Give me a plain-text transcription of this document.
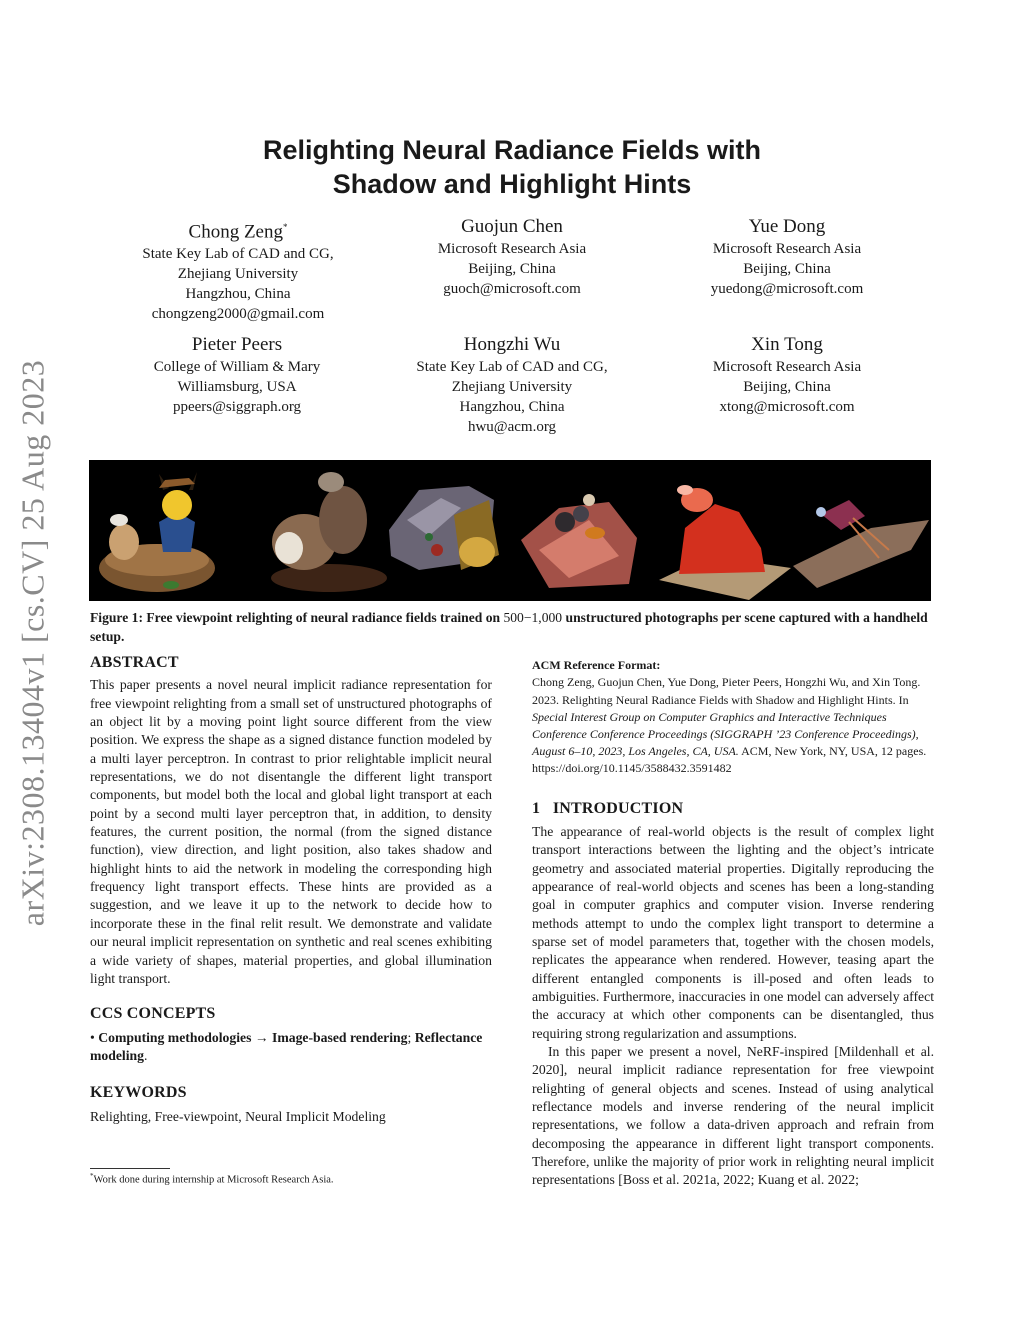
arXiv:2308.13404v1 [cs.CV] 25 Aug 2023
Relighting Neural Radiance Fields with
Shadow and Highlight Hints
Chong Zeng*
State Key Lab of CAD and CG,
Zhejiang University
Hangzhou, China
chongzeng2000@gmail.com
Guojun Chen
Microsoft Research Asia
Beijing, China
guoch@microsoft.com
Yue Dong
Microsoft Research Asia
Beijing, China
yuedong@microsoft.com
Pieter Peers
College of William & Mary
Williamsburg, USA
ppeers@siggraph.org
Hongzhi Wu
State Key Lab of CAD and CG,
Zhejiang University
Hangzhou, China
hwu@acm.org
Xin Tong
Microsoft Research Asia
Beijing, China
xtong@microsoft.com
Figure 1: Free viewpoint relighting of neural radiance fields trained on 500−1,000 unstructured photographs per scene captured with a handheld setup.

ABSTRACT

This paper presents a novel neural implicit radiance representation for free viewpoint relighting from a small set of unstructured photographs of an object lit by a moving point light source different from the view position. We express the shape as a signed distance function modeled by a multi layer perceptron. In contrast to prior relightable implicit neural representations, we do not disentangle the different light transport components, but model both the local and global light transport at each point by a second multi layer perceptron that, in addition, to density features, the current position, the normal (from the signed distance function), view direction, and light position, also takes shadow and highlight hints to aid the network in modeling the corresponding high frequency light transport effects. These hints are provided as a suggestion, and we leave it up to the network to decide how to incorporate these in the final relit result. We demonstrate and validate our neural implicit representation on synthetic and real scenes exhibiting a wide variety of shapes, material properties, and global illumination light transport.

CCS CONCEPTS

• Computing methodologies → Image-based rendering; Reflectance modeling.

KEYWORDS

Relighting, Free-viewpoint, Neural Implicit Modeling

*Work done during internship at Microsoft Research Asia.

ACM Reference Format:

Chong Zeng, Guojun Chen, Yue Dong, Pieter Peers, Hongzhi Wu, and Xin Tong. 2023. Relighting Neural Radiance Fields with Shadow and Highlight Hints. In Special Interest Group on Computer Graphics and Interactive Techniques Conference Conference Proceedings (SIGGRAPH ’23 Conference Proceedings), August 6–10, 2023, Los Angeles, CA, USA. ACM, New York, NY, USA, 12 pages. https://doi.org/10.1145/3588432.3591482

1 INTRODUCTION

The appearance of real-world objects is the result of complex light transport interactions between the lighting and the object’s intricate geometry and associated material properties. Digitally reproducing the appearance of real-world objects and scenes has been a long-standing goal in computer graphics and computer vision. Inverse rendering methods attempt to undo the complex light transport to determine a sparse set of model parameters that, together with the chosen models, replicates the appearance when rendered. However, teasing apart the different entangled components is ill-posed and often leads to ambiguities. Furthermore, inaccuracies in one model can adversely affect the accuracy at which other components can be disentangled, thus requiring strong regularization and assumptions.

In this paper we present a novel, NeRF-inspired [Mildenhall et al. 2020], neural implicit radiance representation for free viewpoint relighting of general objects and scenes. Instead of using analytical reflectance models and inverse rendering of the neural implicit representations, we follow a data-driven approach and refrain from decomposing the appearance in different light transport components. Therefore, unlike the majority of prior work in relighting neural implicit representations [Boss et al. 2021a, 2022; Kuang et al. 2022;
